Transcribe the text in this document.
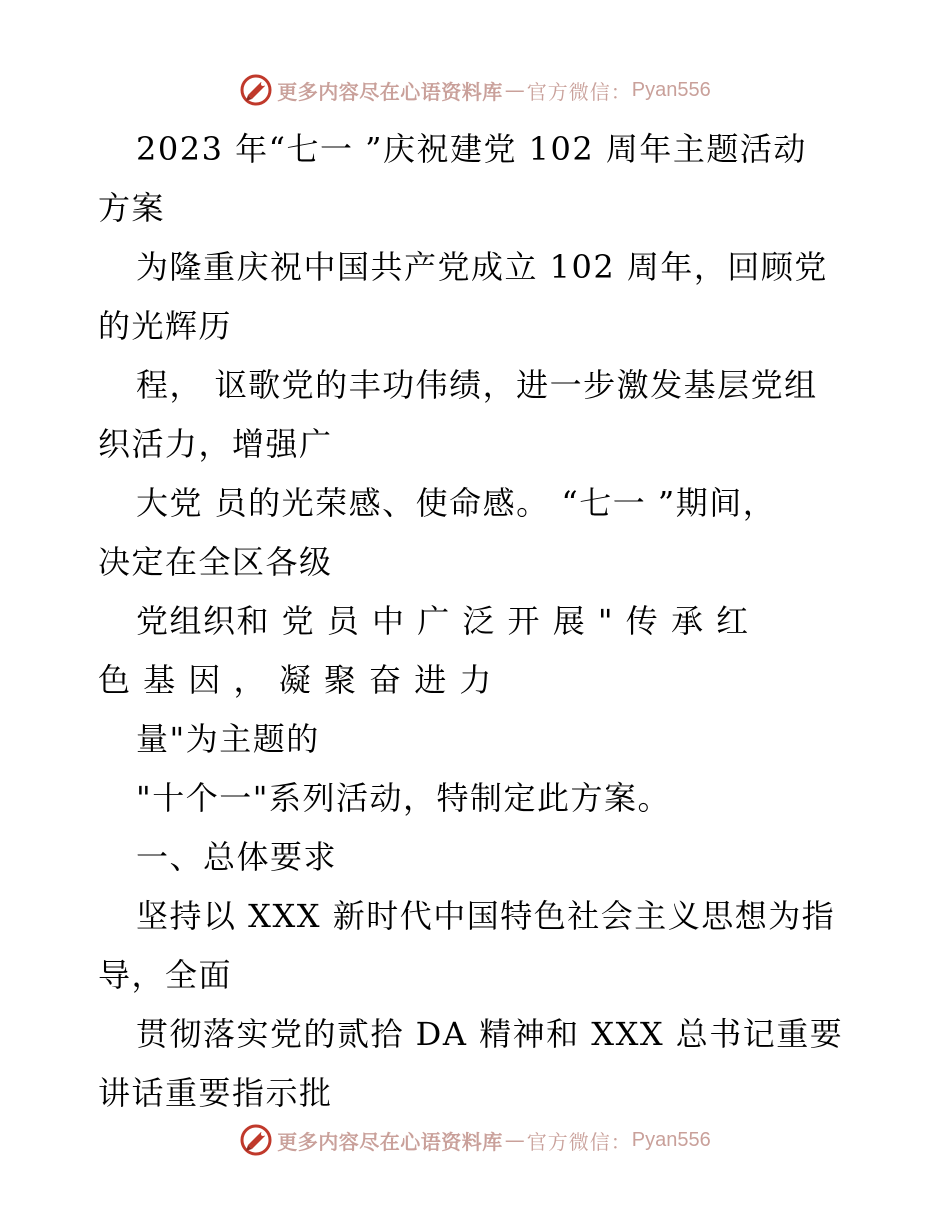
更多内容尽在心语资料库 — 官方微信： Pyan556
2023 年“七一 ”庆祝建党 102 周年主题活动
方案
为隆重庆祝中国共产党成立 102 周年，回顾党
的光辉历
程， 讴歌党的丰功伟绩，进一步激发基层党组
织活力，增强广
大党 员的光荣感、使命感。 “七一 ”期间，
决定在全区各级
党组织和 党 员 中 广 泛 开 展 " 传 承 红
色 基 因 ， 凝 聚 奋 进 力
量"为主题的
"十个一"系列活动，特制定此方案。
一、总体要求
坚持以 XXX 新时代中国特色社会主义思想为指
导，全面
贯彻落实党的贰拾 DA 精神和 XXX 总书记重要
讲话重要指示批
更多内容尽在心语资料库 — 官方微信： Pyan556
